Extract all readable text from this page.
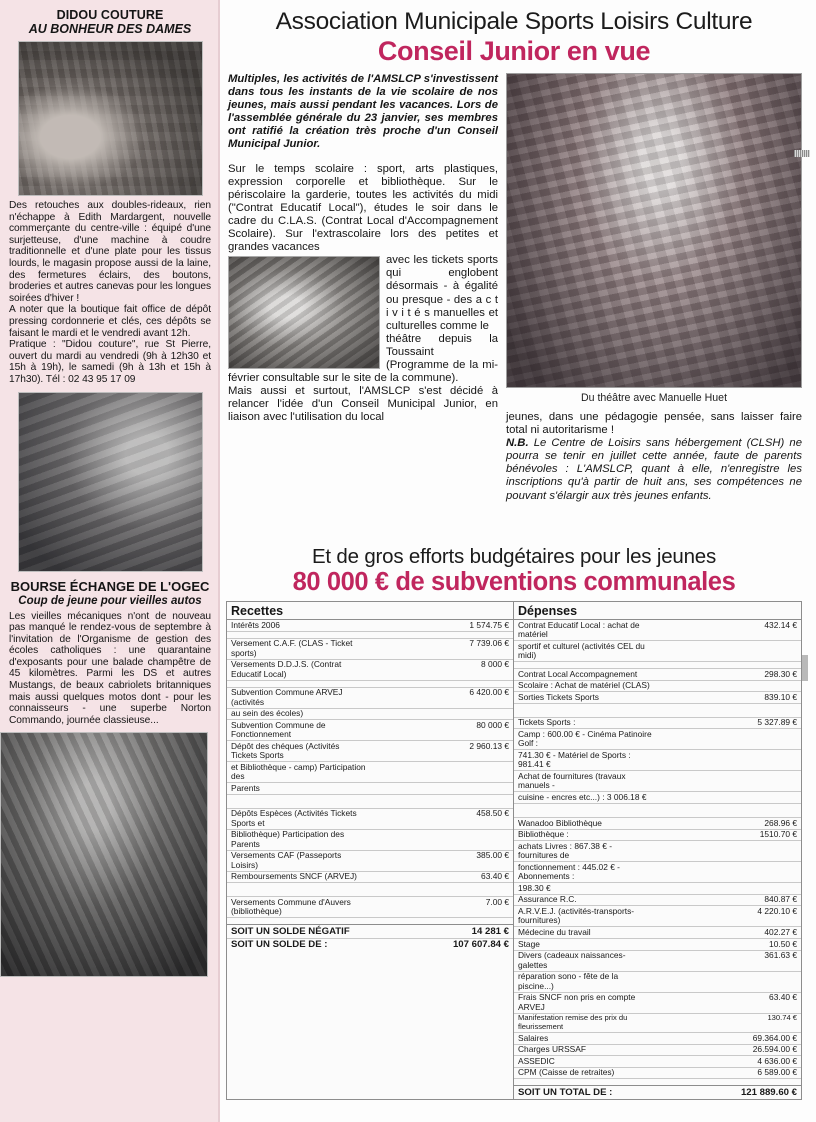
DIDOU COUTURE
AU BONHEUR DES DAMES

Des retouches aux doubles-rideaux, rien n'échappe à Edith Mardargent, nouvelle commerçante du centre-ville : équipé d'une surjetteuse, d'une machine à coudre traditionnelle et d'une plate pour les tissus lourds, le magasin propose aussi de la laine, des fermetures éclairs, des boutons, broderies et autres canevas pour les longues soirées d'hiver !

A noter que la boutique fait office de dépôt pressing cordonnerie et clés, ces dépôts se faisant le mardi et le vendredi avant 12h.

Pratique : "Didou couture", rue St Pierre, ouvert du mardi au vendredi (9h à 12h30 et 15h à 19h), le samedi (9h à 13h et 15h à 17h30). Tél : 02 43 95 17 09

BOURSE ÉCHANGE DE L'OGEC
Coup de jeune pour vieilles autos

Les vieilles mécaniques n'ont de nouveau pas manqué le rendez-vous de septembre à l'invitation de l'Organisme de gestion des écoles catholiques : une quarantaine d'exposants pour une balade champêtre de 45 kilomètres. Parmi les DS et autres Mustangs, de beaux cabriolets britanniques mais aussi quelques motos dont - pour les connaisseurs - une superbe Norton Commando, journée classieuse...

Association Municipale Sports Loisirs Culture
Conseil Junior en vue

Multiples, les activités de l'AMSLCP s'investissent dans tous les instants de la vie scolaire de nos jeunes, mais aussi pendant les vacances. Lors de l'assemblée générale du 23 janvier, ses membres ont ratifié la création très proche d'un Conseil Municipal Junior.

Sur le temps scolaire : sport, arts plastiques, expression corporelle et bibliothèque. Sur le périscolaire la garderie, toutes les activités du midi ("Contrat Educatif Local"), études le soir dans le cadre du C.LA.S. (Contrat Local d'Accompagnement Scolaire). Sur l'extrascolaire lors des petites et grandes vacances

avec les tickets sports qui englobent désormais - à égalité ou presque - des a c t i v i t é s manuelles et culturelles comme le

théâtre depuis la Toussaint (Programme de la mi-février consultable sur le site de la commune).

Mais aussi et surtout, l'AMSLCP s'est décidé à relancer l'idée d'un Conseil Municipal Junior, en liaison avec l'utilisation du local

Du théâtre avec Manuelle Huet

jeunes, dans une pédagogie pensée, sans laisser faire total ni autoritarisme !

N.B. Le Centre de Loisirs sans hébergement (CLSH) ne pourra se tenir en juillet cette année, faute de parents bénévoles : L'AMSLCP, quant à elle, n'enregistre les inscriptions qu'à partir de huit ans, ses compétences ne pouvant s'élargir aux très jeunes enfants.

Et de gros efforts budgétaires pour les jeunes
80 000 € de subventions communales
Recettes	
Intérêts 2006	1 574.75 €

Versement C.A.F. (CLAS - Ticket sports)	7 739.06 €
Versements D.D.J.S. (Contrat Educatif Local)	8 000 €

Subvention Commune ARVEJ (activités	6 420.00 €
au sein des écoles)	
Subvention Commune de Fonctionnement	80 000 €
Dépôt des chéques (Activités Tickets Sports	2 960.13 €
et Bibliothèque - camp) Participation des	
Parents	

Dépôts Espèces (Activités Tickets Sports et	458.50 €
Bibliothèque) Participation des Parents	
Versements CAF (Passeports Loisirs)	385.00 €
Remboursements SNCF (ARVEJ)	63.40 €

Versements Commune d'Auvers (bibliothèque)	7.00 €

SOIT UN SOLDE NÉGATIF	14 281 €
SOIT UN SOLDE DE :	107 607.84 €
Dépenses	
Contrat Educatif Local : achat de matériel	432.14 €
sportif et culturel (activités CEL du midi)	

Contrat Local Accompagnement	298.30 €
Scolaire : Achat de matériel (CLAS)	
Sorties Tickets Sports	839.10 €

Tickets Sports :	5 327.89 €
Camp : 600.00 € - Cinéma Patinoire Golf :	
741.30 € - Matériel de Sports : 981.41 €	
Achat de fournitures (travaux manuels -	
cuisine - encres etc...) : 3 006.18 €	

Wanadoo Bibliothèque	268.96 €
Bibliothèque :	1510.70 €
achats Livres : 867.38 € - fournitures de	
fonctionnement : 445.02 € - Abonnements :	
198.30 €	
Assurance R.C.	840.87 €
A.R.V.E.J. (activités-transports-fournitures)	4 220.10 €
Médecine du travail	402.27 €
Stage	10.50 €
Divers (cadeaux naissances-galettes	361.63 €
réparation sono - fête de la piscine...)	
Frais SNCF non pris en compte ARVEJ	63.40 €
Manifestation remise des prix du fleurissement	130.74 €
Salaires	69.364.00 €
Charges URSSAF	26.594.00 €
ASSEDIC	4 636.00 €
CPM (Caisse de retraites)	6 589.00 €

SOIT UN TOTAL DE :	121 889.60 €
